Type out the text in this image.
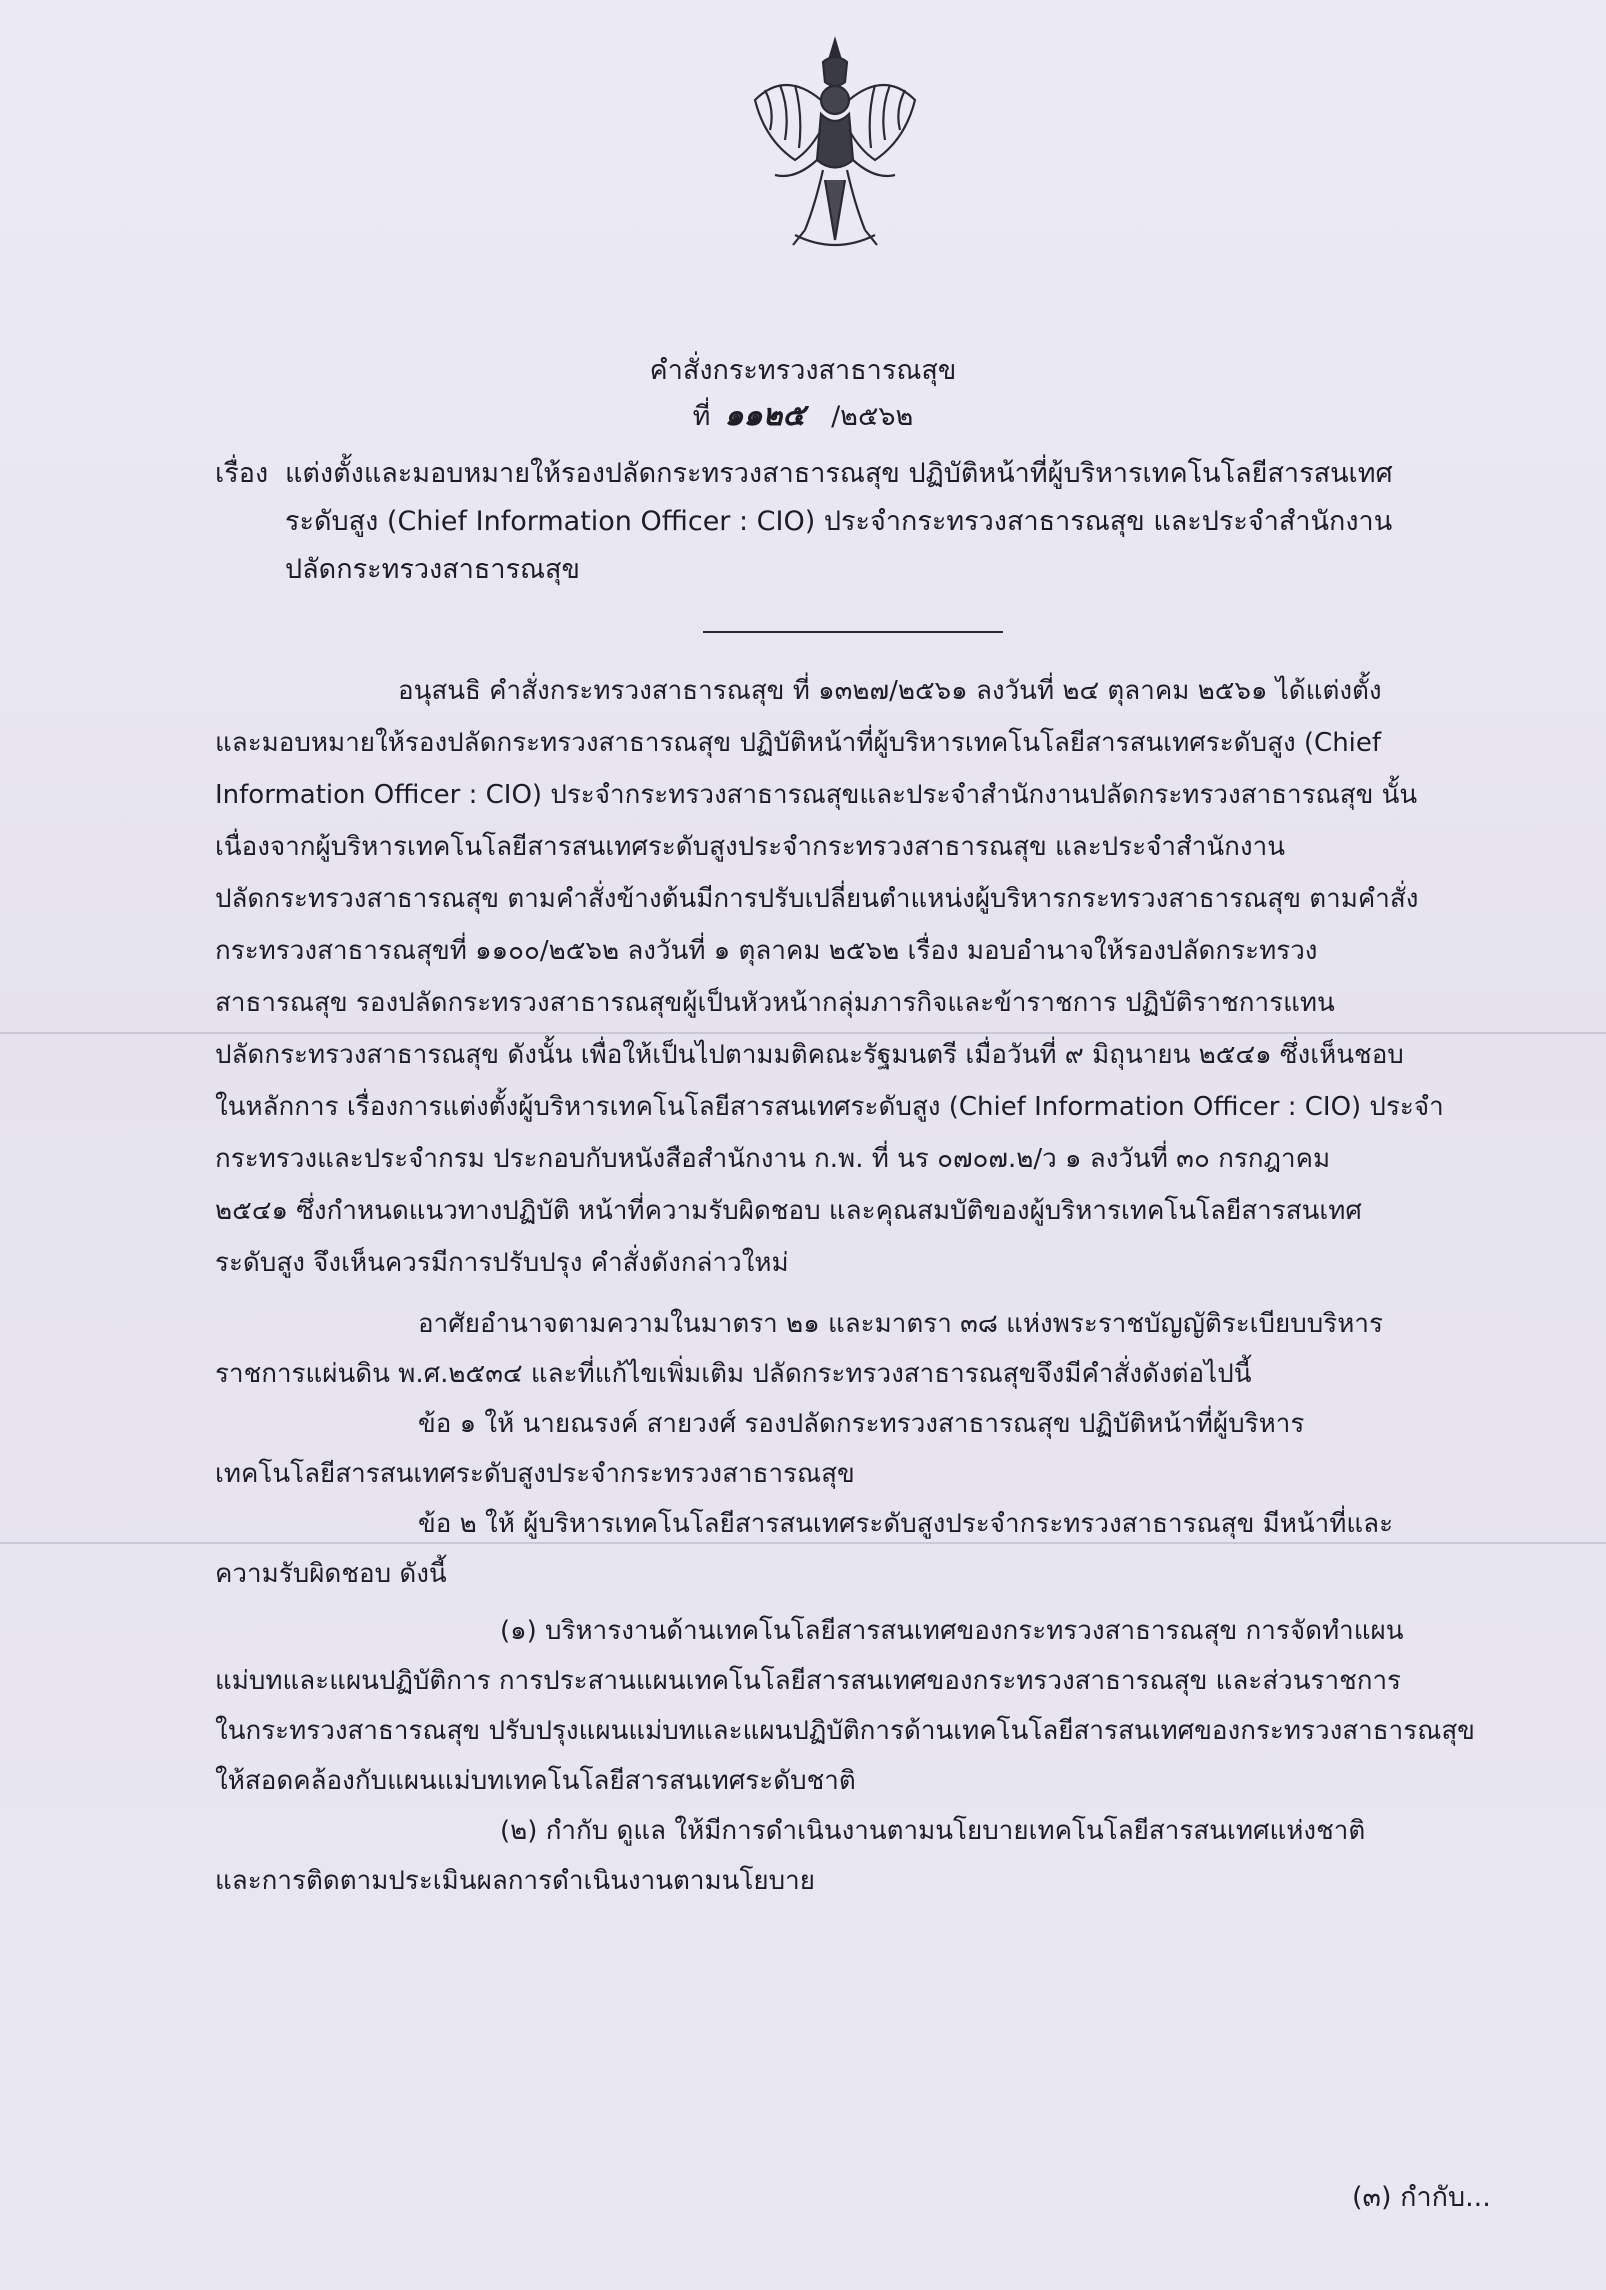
คำสั่งกระทรวงสาธารณสุข
ที่ ๑๑๒๕ /๒๕๖๒
เรื่อง แต่งตั้งและมอบหมายให้รองปลัดกระทรวงสาธารณสุข ปฏิบัติหน้าที่ผู้บริหารเทคโนโลยีสารสนเทศ
ระดับสูง (Chief Information Officer : CIO) ประจำกระทรวงสาธารณสุข และประจำสำนักงาน
ปลัดกระทรวงสาธารณสุข
อนุสนธิ คำสั่งกระทรวงสาธารณสุข ที่ ๑๓๒๗/๒๕๖๑ ลงวันที่ ๒๔ ตุลาคม ๒๕๖๑ ได้แต่งตั้ง
และมอบหมายให้รองปลัดกระทรวงสาธารณสุข ปฏิบัติหน้าที่ผู้บริหารเทคโนโลยีสารสนเทศระดับสูง (Chief
Information Officer : CIO) ประจำกระทรวงสาธารณสุขและประจำสำนักงานปลัดกระทรวงสาธารณสุข นั้น
เนื่องจากผู้บริหารเทคโนโลยีสารสนเทศระดับสูงประจำกระทรวงสาธารณสุข และประจำสำนักงาน
ปลัดกระทรวงสาธารณสุข ตามคำสั่งข้างต้นมีการปรับเปลี่ยนตำแหน่งผู้บริหารกระทรวงสาธารณสุข ตามคำสั่ง
กระทรวงสาธารณสุขที่ ๑๑๐๐/๒๕๖๒ ลงวันที่ ๑ ตุลาคม ๒๕๖๒ เรื่อง มอบอำนาจให้รองปลัดกระทรวง
สาธารณสุข รองปลัดกระทรวงสาธารณสุขผู้เป็นหัวหน้ากลุ่มภารกิจและข้าราชการ ปฏิบัติราชการแทน
ปลัดกระทรวงสาธารณสุข ดังนั้น เพื่อให้เป็นไปตามมติคณะรัฐมนตรี เมื่อวันที่ ๙ มิถุนายน ๒๕๔๑ ซึ่งเห็นชอบ
ในหลักการ เรื่องการแต่งตั้งผู้บริหารเทคโนโลยีสารสนเทศระดับสูง (Chief Information Officer : CIO) ประจำ
กระทรวงและประจำกรม ประกอบกับหนังสือสำนักงาน ก.พ. ที่ นร ๐๗๐๗.๒/ว ๑ ลงวันที่ ๓๐ กรกฎาคม
๒๕๔๑ ซึ่งกำหนดแนวทางปฏิบัติ หน้าที่ความรับผิดชอบ และคุณสมบัติของผู้บริหารเทคโนโลยีสารสนเทศ
ระดับสูง จึงเห็นควรมีการปรับปรุง คำสั่งดังกล่าวใหม่
อาศัยอำนาจตามความในมาตรา ๒๑ และมาตรา ๓๘ แห่งพระราชบัญญัติระเบียบบริหาร
ราชการแผ่นดิน พ.ศ.๒๕๓๔ และที่แก้ไขเพิ่มเติม ปลัดกระทรวงสาธารณสุขจึงมีคำสั่งดังต่อไปนี้
ข้อ ๑ ให้ นายณรงค์ สายวงศ์ รองปลัดกระทรวงสาธารณสุข ปฏิบัติหน้าที่ผู้บริหาร
เทคโนโลยีสารสนเทศระดับสูงประจำกระทรวงสาธารณสุข
ข้อ ๒ ให้ ผู้บริหารเทคโนโลยีสารสนเทศระดับสูงประจำกระทรวงสาธารณสุข มีหน้าที่และ
ความรับผิดชอบ ดังนี้
(๑) บริหารงานด้านเทคโนโลยีสารสนเทศของกระทรวงสาธารณสุข การจัดทำแผน
แม่บทและแผนปฏิบัติการ การประสานแผนเทคโนโลยีสารสนเทศของกระทรวงสาธารณสุข และส่วนราชการ
ในกระทรวงสาธารณสุข ปรับปรุงแผนแม่บทและแผนปฏิบัติการด้านเทคโนโลยีสารสนเทศของกระทรวงสาธารณสุข
ให้สอดคล้องกับแผนแม่บทเทคโนโลยีสารสนเทศระดับชาติ
(๒) กำกับ ดูแล ให้มีการดำเนินงานตามนโยบายเทคโนโลยีสารสนเทศแห่งชาติ
และการติดตามประเมินผลการดำเนินงานตามนโยบาย
(๓) กำกับ...
